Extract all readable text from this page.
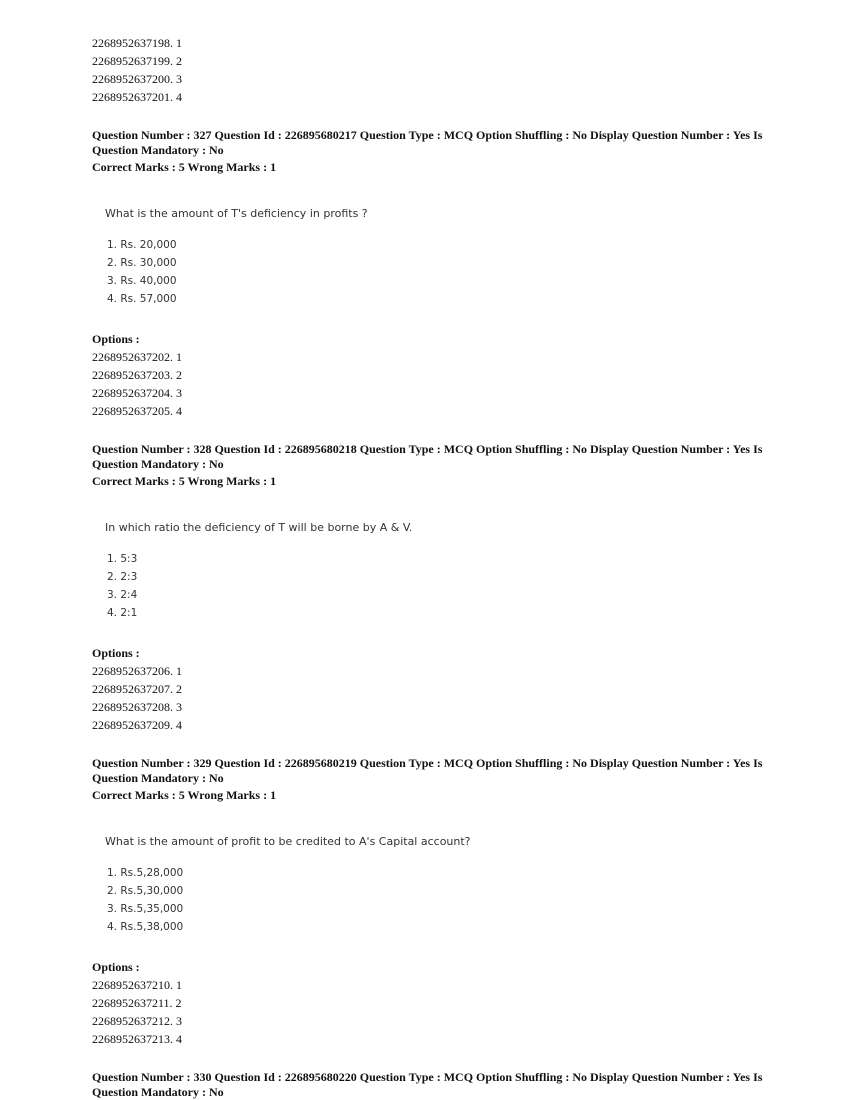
2268952637198. 1

2268952637199. 2

2268952637200. 3

2268952637201. 4

Question Number : 327 Question Id : 226895680217 Question Type : MCQ Option Shuffling : No Display Question Number : Yes Is Question Mandatory : No

Correct Marks : 5 Wrong Marks : 1

What is the amount of T's deficiency in profits ?

1. Rs. 20,000
2. Rs. 30,000
3. Rs. 40,000
4. Rs. 57,000

Options :

2268952637202. 1

2268952637203. 2

2268952637204. 3

2268952637205. 4

Question Number : 328 Question Id : 226895680218 Question Type : MCQ Option Shuffling : No Display Question Number : Yes Is Question Mandatory : No

Correct Marks : 5 Wrong Marks : 1

In which ratio the deficiency of T will be borne by A & V.

1. 5:3
2. 2:3
3. 2:4
4. 2:1

Options :

2268952637206. 1

2268952637207. 2

2268952637208. 3

2268952637209. 4

Question Number : 329 Question Id : 226895680219 Question Type : MCQ Option Shuffling : No Display Question Number : Yes Is Question Mandatory : No

Correct Marks : 5 Wrong Marks : 1

What is the amount of profit to be credited to A's Capital account?

1. Rs.5,28,000
2. Rs.5,30,000
3. Rs.5,35,000
4. Rs.5,38,000

Options :

2268952637210. 1

2268952637211. 2

2268952637212. 3

2268952637213. 4

Question Number : 330 Question Id : 226895680220 Question Type : MCQ Option Shuffling : No Display Question Number : Yes Is Question Mandatory : No
